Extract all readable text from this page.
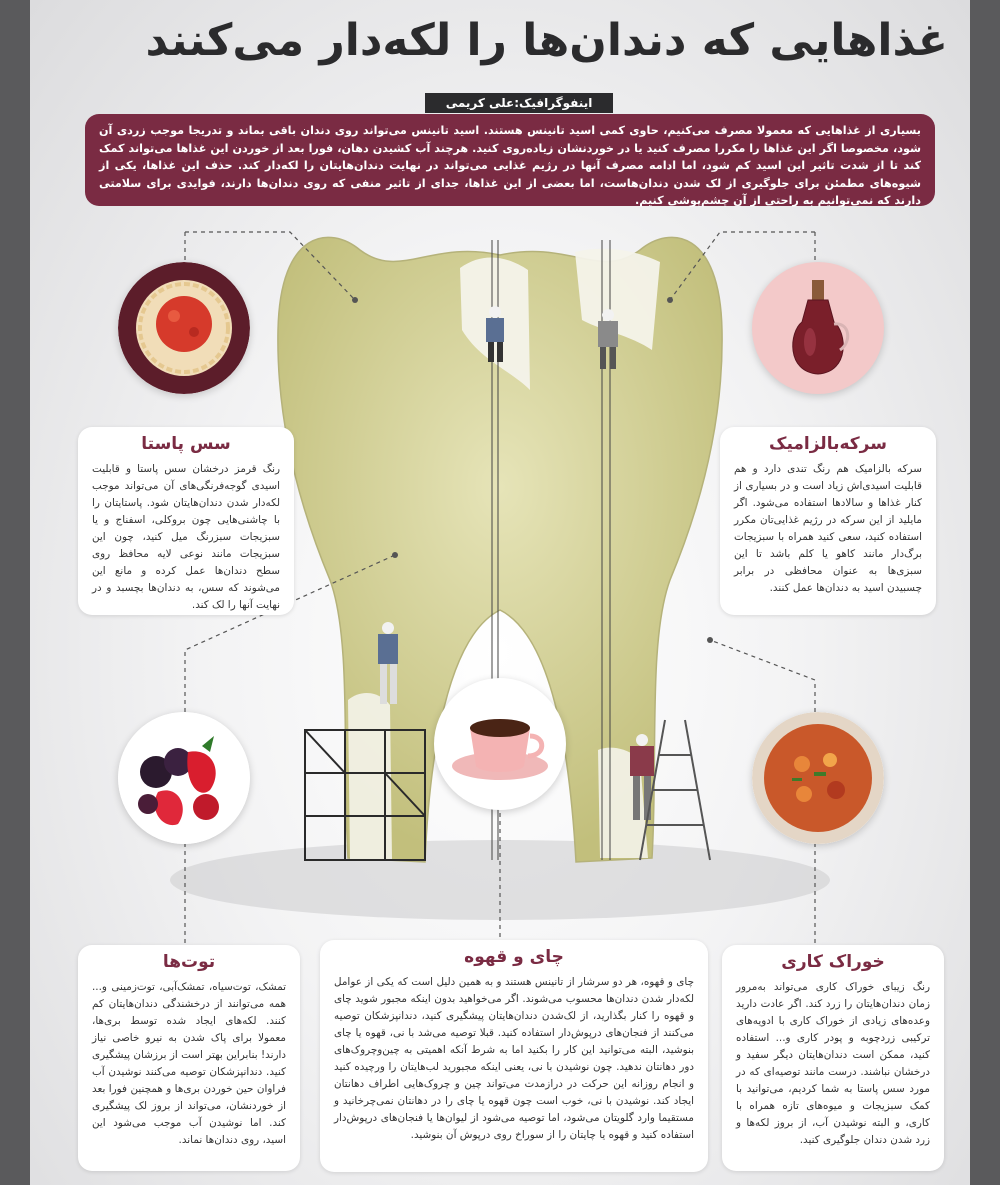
غذاهایی که دندان‌ها را لکه‌دار می‌کنند
اینفوگرافیک:علی کریمی
بسیاری از غذاهایی که معمولا مصرف می‌کنیم، حاوی کمی اسید تانینس هستند. اسید تانینس می‌تواند روی دندان باقی بماند و تدریجا موجب زردی آن شود، مخصوصا اگر این غذاها را مکررا مصرف کنید یا در خوردنشان زیاده‌روی کنید. هرچند آب کشیدن دهان، فورا بعد از خوردن این غذاها می‌تواند کمک کند تا از شدت تاثیر این اسید کم شود، اما ادامه مصرف آنها در رژیم غذایی می‌تواند در نهایت دندان‌هایتان را لکه‌دار کند. حذف این غذاها، یکی از شیوه‌های مطمئن برای جلوگیری از لک شدن دندان‌هاست، اما بعضی از این غذاها، جدای از تاثیر منفی که روی دندان‌ها دارند، فوایدی برای سلامتی دارند که نمی‌توانیم به راحتی از آن چشم‌پوشی کنیم.
سس پاستا

رنگ قرمز درخشان سس پاستا و قابلیت اسیدی گوجه‌فرنگی‌های آن می‌تواند موجب لکه‌دار شدن دندان‌هایتان شود. پاستایتان را با چاشنی‌هایی چون بروکلی، اسفناج و یا سبزیجات سبزرنگ میل کنید، چون این سبزیجات مانند نوعی لایه محافظ روی سطح دندان‌ها عمل کرده و مانع این می‌شوند که سس، به دندان‌ها بچسبد و در نهایت آنها را لک کند.

سرکه‌بالزامیک

سرکه بالزامیک هم رنگ تندی دارد و هم قابلیت اسیدی‌اش زیاد است و در بسیاری از کنار غذاها و سالادها استفاده می‌شود. اگر مایلید از این سرکه در رژیم غذایی‌تان مکرر استفاده کنید، سعی کنید همراه با سبزیجات برگ‌دار مانند کاهو یا کلم باشد تا این سبزی‌ها به عنوان محافظی در برابر چسبیدن اسید به دندان‌ها عمل کنند.

توت‌ها

تمشک، توت‌سیاه، تمشک‌آبی، توت‌زمینی و... همه می‌توانند از درخشندگی دندان‌هایتان کم کنند. لکه‌های ایجاد شده توسط بری‌ها، معمولا برای پاک شدن به نیرو خاصی نیاز دارند! بنابراین بهتر است از برزشان پیشگیری کنید. دندانپزشکان توصیه می‌کنند نوشیدن آب فراوان حین خوردن بری‌ها و همچنین فورا بعد از خوردنشان، می‌تواند از بروز لک پیشگیری کند. اما نوشیدن آب موجب می‌شود این اسید، روی دندان‌ها نماند.

چای و قهوه

چای و قهوه، هر دو سرشار از تانینس هستند و به همین دلیل است که یکی از عوامل لکه‌دار شدن دندان‌ها محسوب می‌شوند. اگر می‌خواهید بدون اینکه مجبور شوید چای و قهوه را کنار بگذارید، از لک‌شدن دندان‌هایتان پیشگیری کنید، دندانپزشکان توصیه می‌کنند از فنجان‌های درپوش‌دار استفاده کنید. قبلا توصیه می‌شد با نی، قهوه یا چای بنوشید، البته می‌توانید این کار را بکنید اما به شرط آنکه اهمیتی به چین‌وچروک‌های دور دهانتان ندهید. چون نوشیدن با نی، یعنی اینکه مجبورید لب‌هایتان را ورچیده کنید و انجام روزانه این حرکت در درازمدت می‌تواند چین و چروک‌هایی اطراف دهانتان ایجاد کند. نوشیدن با نی، خوب است چون قهوه یا چای را در دهانتان نمی‌چرخانید و مستقیما وارد گلویتان می‌شود، اما توصیه می‌شود از لیوان‌ها یا فنجان‌های درپوش‌دار استفاده کنید و قهوه یا چایتان را از سوراخ روی درپوش آن بنوشید.

خوراک کاری

رنگ زیبای خوراک کاری می‌تواند به‌مرور زمان دندان‌هایتان را زرد کند. اگر عادت دارید وعده‌های زیادی از خوراک کاری با ادویه‌های ترکیبی زردچوبه و پودر کاری و... استفاده کنید، ممکن است دندان‌هایتان دیگر سفید و درخشان نباشند. درست مانند توصیه‌ای که در مورد سس پاستا به شما کردیم، می‌توانید با کمک سبزیجات و میوه‌های تازه همراه با کاری، و البته نوشیدن آب، از بروز لکه‌ها و زرد شدن دندان جلوگیری کنید.
